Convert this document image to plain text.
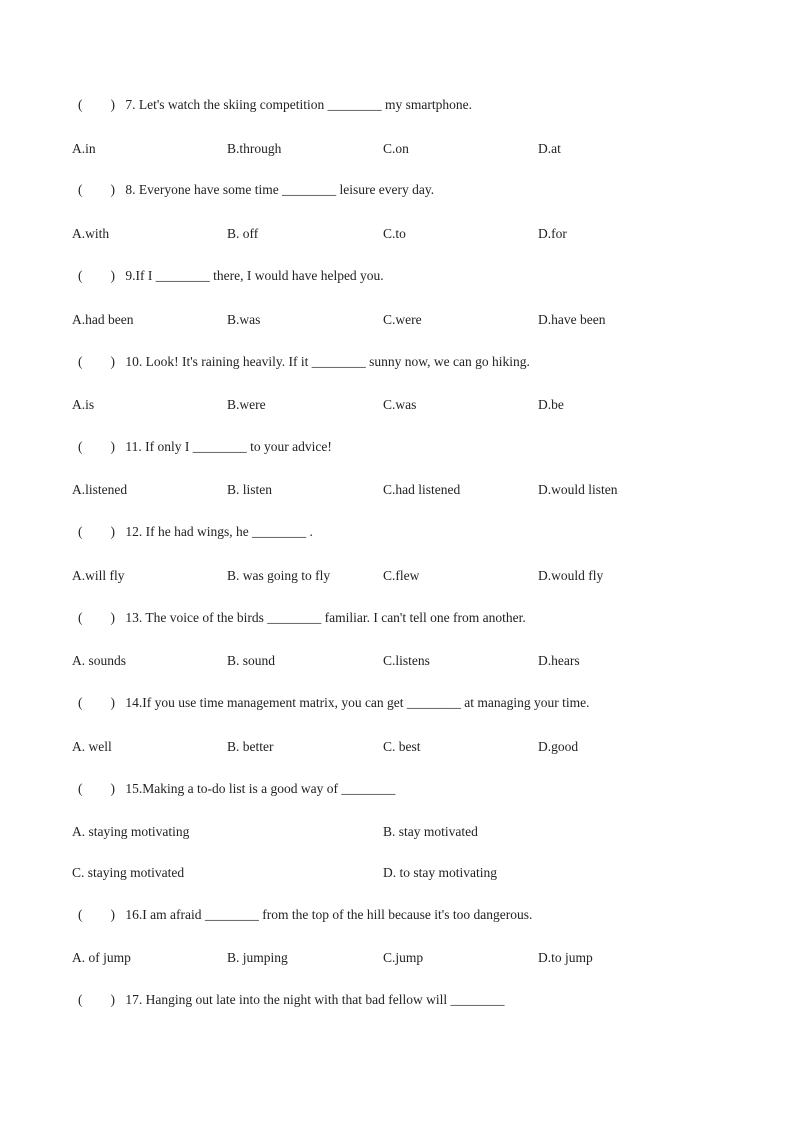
( ) 7. Let's watch the skiing competition ________ my smartphone.
A.in	B.through	C.on	D.at
( ) 8. Everyone have some time ________ leisure every day.
A.with	B. off	C.to	D.for
( ) 9.If I ________ there, I would have helped you.
A.had been	B.was	C.were	D.have been
( ) 10. Look! It's raining heavily. If it ________ sunny now, we can go hiking.
A.is	B.were	C.was	D.be
( ) 11. If only I ________ to your advice!
A.listened	B. listen	C.had listened	D.would listen
( ) 12. If he had wings, he ________ .
A.will fly	B. was going to fly	C.flew	D.would fly
( ) 13. The voice of the birds ________ familiar. I can't tell one from another.
A. sounds	B. sound	C.listens	D.hears
( ) 14.If you use time management matrix, you can get ________ at managing your time.
A. well	B. better	C. best	D.good
( ) 15.Making a to-do list is a good way of ________
A. staying motivating	B. stay motivated
C. staying motivated	D. to stay motivating
( ) 16.I am afraid ________ from the top of the hill because it's too dangerous.
A. of jump	B. jumping	C.jump	D.to jump
( ) 17. Hanging out late into the night with that bad fellow will ________
